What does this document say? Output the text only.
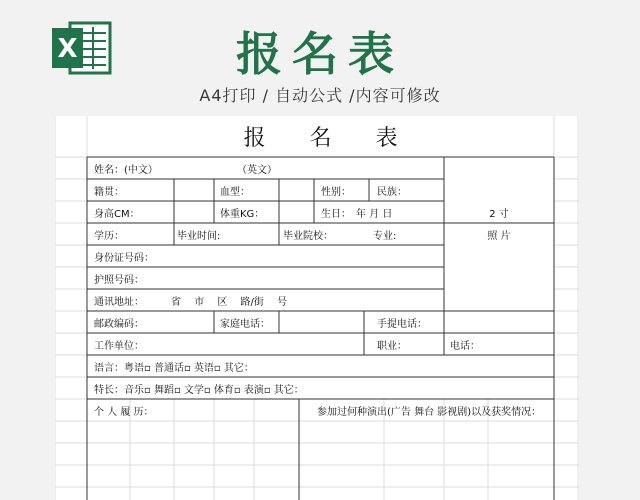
X	报名表
A4打印 / 自动公式 /内容可修改
报名表
姓名：(中文）	（英文）
籍贯：	血型：	性别：	民族：
身高CM：	体重KG：	生日：　年 月 日	2 寸
学历：	毕业时间:	毕业院校：	专业:	照 片
身份证号码：
护照号码：
通讯地址：	省　 市　 区　 路/街　 号
邮政编码：	家庭电话：	手提电话：
工作单位：	职业：	电话：
语言：粤语▫ 普通话▫ 英语▫ 其它：
特长：音乐▫ 舞蹈▫ 文学▫ 体育▫ 表演▫ 其它：
个 人 履 历：	参加过何种演出(广告 舞台 影视剧)以及获奖情况：
